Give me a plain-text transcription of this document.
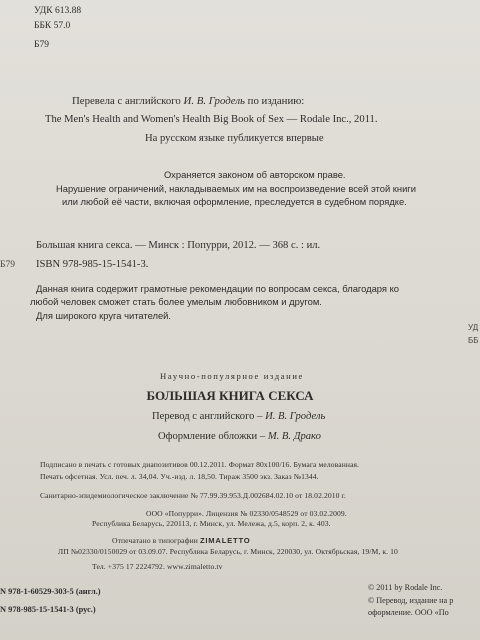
УДК 613.88
ББК 57.0
Б79
Перевела с английского И. В. Гродель по изданию:
The Men's Health and Women's Health Big Book of Sex — Rodale Inc., 2011.
На русском языке публикуется впервые
Охраняется законом об авторском праве.
Нарушение ограничений, накладываемых им на воспроизведение всей этой книги
или любой её части, включая оформление, преследуется в судебном порядке.
Большая книга секса. — Минск : Попурри, 2012. — 368 с. : ил.
Б79 ISBN 978-985-15-1541-3.
Данная книга содержит грамотные рекомендации по вопросам секса, благодаря ко
любой человек сможет стать более умелым любовником и другом.
Для широкого круга читателей.
УД
ББ
Научно-популярное издание
БОЛЬШАЯ КНИГА СЕКСА
Перевод с английского – И. В. Гродель
Оформление обложки – М. В. Драко
Подписано в печать с готовых диапозитивов 00.12.2011. Формат 80x100/16. Бумага мелованная.
Печать офсетная. Усл. печ. л. 34,04. Уч.-изд. л. 18,50. Тираж 3500 экз. Заказ №1344.
Санитарно-эпидемиологическое заключение № 77.99.39.953.Д.002684.02.10 от 18.02.2010 г.
ООО «Попурри». Лицензия № 02330/0548529 от 03.02.2009.
Республика Беларусь, 220113, г. Минск, ул. Мележа, д.5, корп. 2, к. 403.
Отпечатано в типографии ZIMALETTO
ЛП №02330/0150029 от 03.09.07. Республика Беларусь, г. Минск, 220030, ул. Октябрьская, 19/М, к. 10
Тел. +375 17 2224792. www.zimaletto.tv
N 978-1-60529-303-5 (англ.)
N 978-985-15-1541-3 (рус.)
© 2011 by Rodale Inc.
© Перевод, издание на р
оформление. ООО «По
